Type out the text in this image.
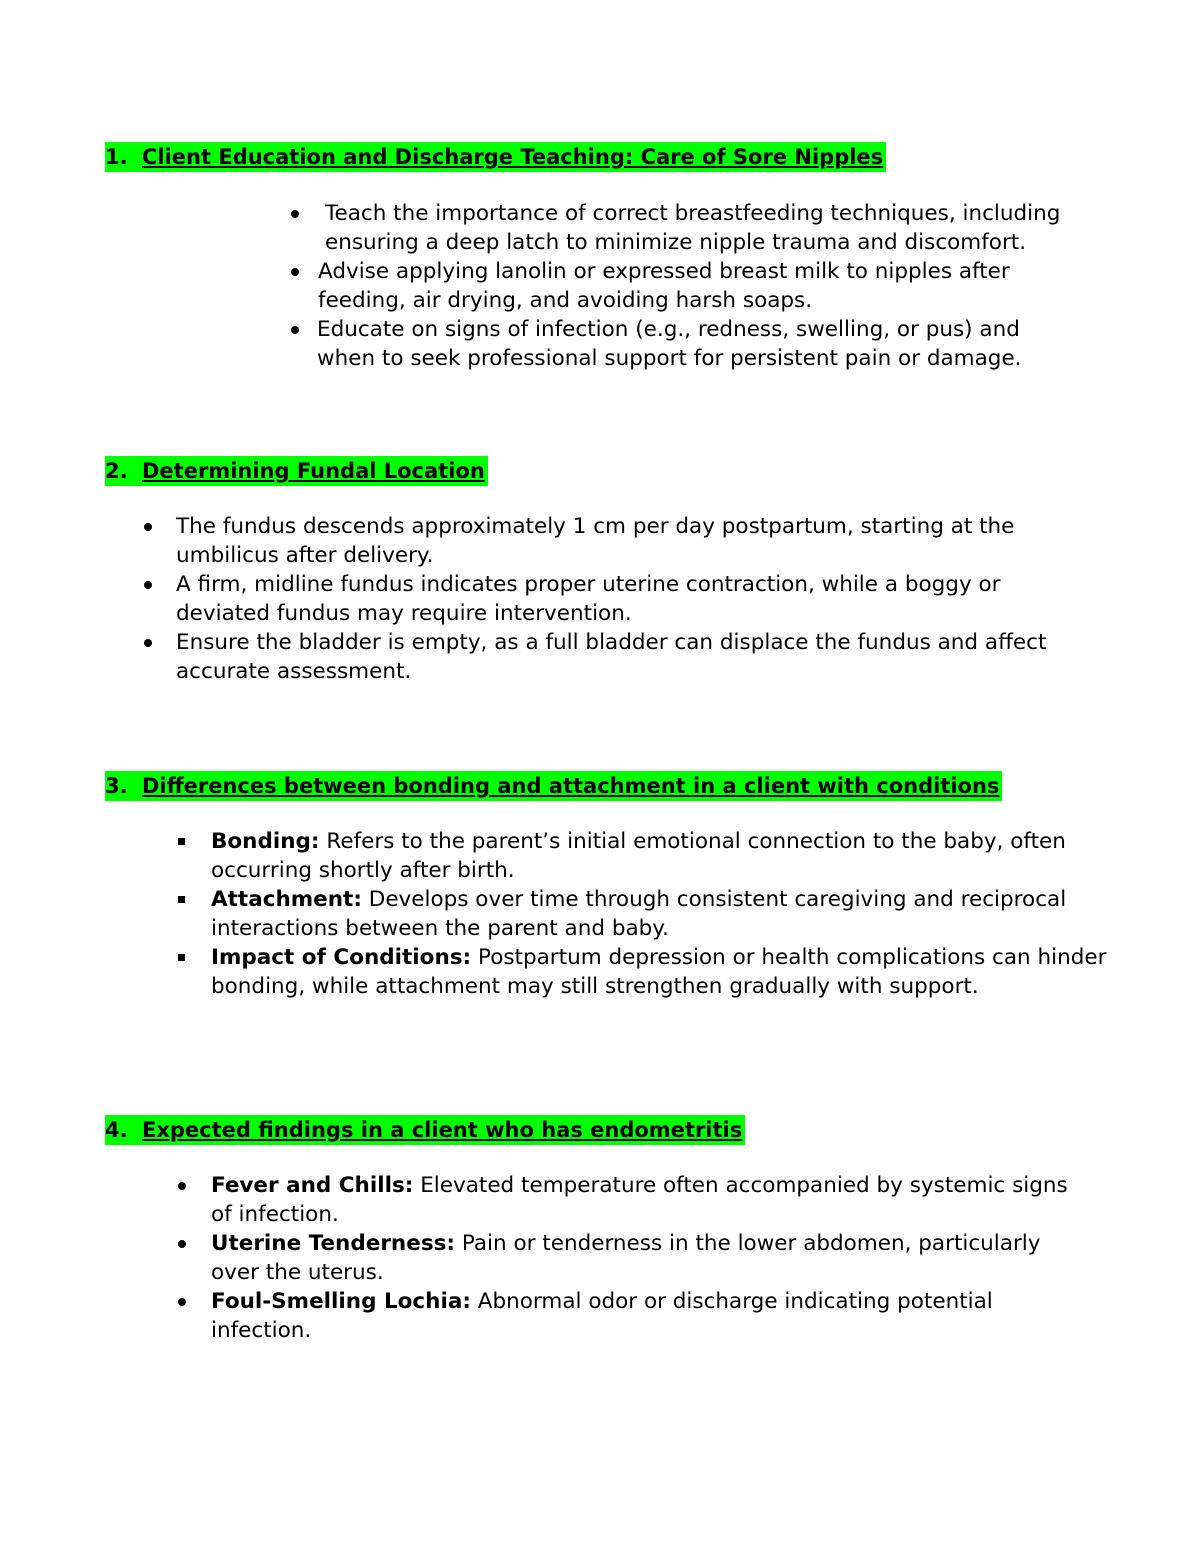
1. Client Education and Discharge Teaching: Care of Sore Nipples
Teach the importance of correct breastfeeding techniques, including ensuring a deep latch to minimize nipple trauma and discomfort.
Advise applying lanolin or expressed breast milk to nipples after feeding, air drying, and avoiding harsh soaps.
Educate on signs of infection (e.g., redness, swelling, or pus) and when to seek professional support for persistent pain or damage.
2. Determining Fundal Location
The fundus descends approximately 1 cm per day postpartum, starting at the umbilicus after delivery.
A firm, midline fundus indicates proper uterine contraction, while a boggy or deviated fundus may require intervention.
Ensure the bladder is empty, as a full bladder can displace the fundus and affect accurate assessment.
3. Differences between bonding and attachment in a client with conditions
Bonding: Refers to the parent’s initial emotional connection to the baby, often occurring shortly after birth.
Attachment: Develops over time through consistent caregiving and reciprocal interactions between the parent and baby.
Impact of Conditions: Postpartum depression or health complications can hinder bonding, while attachment may still strengthen gradually with support.
4. Expected findings in a client who has endometritis
Fever and Chills: Elevated temperature often accompanied by systemic signs of infection.
Uterine Tenderness: Pain or tenderness in the lower abdomen, particularly over the uterus.
Foul-Smelling Lochia: Abnormal odor or discharge indicating potential infection.
